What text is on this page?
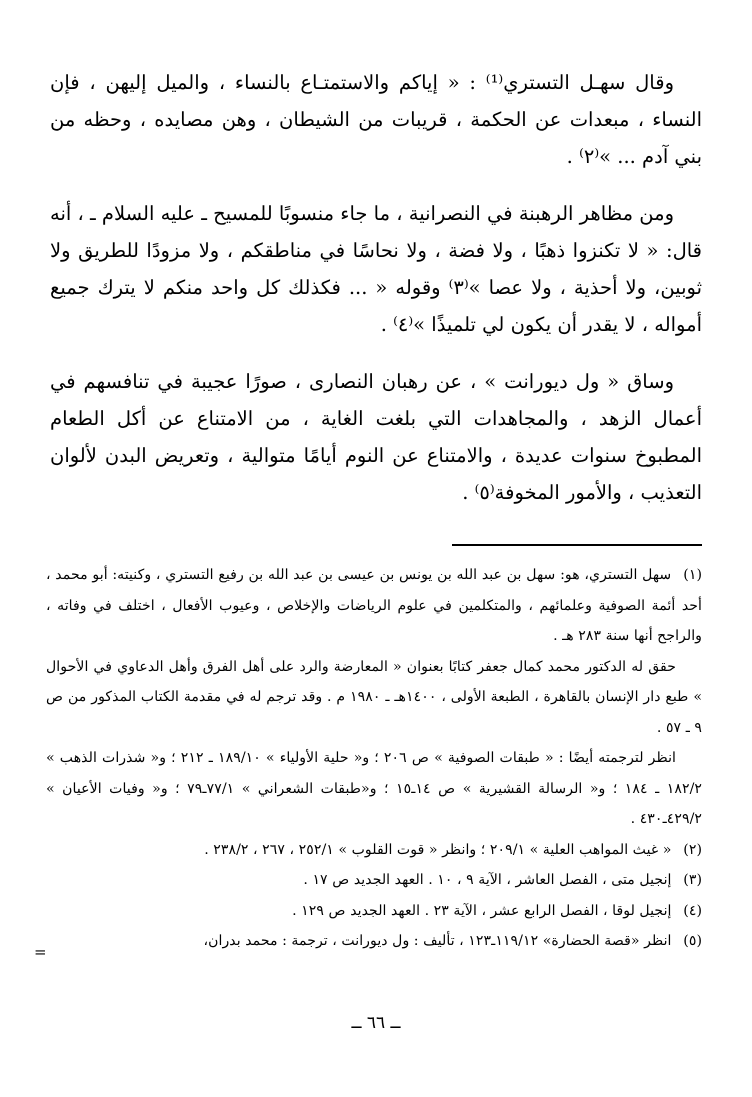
وقال سهـل التستري⁽¹⁾ : « إياكم والاستمتـاع بالنساء ، والميل إليهن ، فإن النساء ، مبعدات عن الحكمة ، قريبات من الشيطان ، وهن مصايده ، وحظه من بني آدم ... »⁽٢⁾ .

ومن مظاهر الرهبنة في النصرانية ، ما جاء منسوبًا للمسيح ـ عليه السلام ـ ، أنه قال: « لا تكنزوا ذهبًا ، ولا فضة ، ولا نحاسًا في مناطقكم ، ولا مزودًا للطريق ولا ثوبين، ولا أحذية ، ولا عصا »⁽٣⁾ وقوله « ... فكذلك كل واحد منكم لا يترك جميع أمواله ، لا يقدر أن يكون لي تلميذًا »⁽٤⁾ .

وساق « ول ديورانت » ، عن رهبان النصارى ، صورًا عجيبة في تنافسهم في أعمال الزهد ، والمجاهدات التي بلغت الغاية ، من الامتناع عن أكل الطعام المطبوخ سنوات عديدة ، والامتناع عن النوم أيامًا متوالية ، وتعريض البدن لألوان التعذيب ، والأمور المخوفة⁽٥⁾ .

(١) سهل التستري، هو: سهل بن عبد الله بن يونس بن عيسى بن عبد الله بن رفيع التستري ، وكنيته: أبو محمد ، أحد أئمة الصوفية وعلمائهم ، والمتكلمين في علوم الرياضات والإخلاص ، وعيوب الأفعال ، اختلف في وفاته ، والراجح أنها سنة ٢٨٣ هـ .

حقق له الدكتور محمد كمال جعفر كتابًا بعنوان « المعارضة والرد على أهل الفرق وأهل الدعاوي في الأحوال » طبع دار الإنسان بالقاهرة ، الطبعة الأولى ، ١٤٠٠هـ ـ ١٩٨٠ م . وقد ترجم له في مقدمة الكتاب المذكور من ص ٩ ـ ٥٧ .

انظر لترجمته أيضًا : « طبقات الصوفية » ص ٢٠٦ ؛ و« حلية الأولياء » ١٨٩/١٠ ـ ٢١٢ ؛ و« شذرات الذهب » ١٨٢/٢ ـ ١٨٤ ؛ و« الرسالة القشيرية » ص ١٤ـ١٥ ؛ و«طبقات الشعراني » ٧٧/١ـ٧٩ ؛ و« وفيات الأعيان » ٤٢٩/٢ـ٤٣٠ .

(٢) « غيث المواهب العلية » ٢٠٩/١ ؛ وانظر « قوت القلوب » ٢٥٢/١ ، ٢٦٧ ، ٢٣٨/٢ .

(٣) إنجيل متى ، الفصل العاشر ، الآية ٩ ، ١٠ . العهد الجديد ص ١٧ .

(٤) إنجيل لوقا ، الفصل الرابع عشر ، الآية ٢٣ . العهد الجديد ص ١٢٩ .

(٥) انظر «قصة الحضارة» ١١٩/١٢ـ١٢٣ ، تأليف : ول ديورانت ، ترجمة : محمد بدران،

=
ــ ٦٦ ــ
